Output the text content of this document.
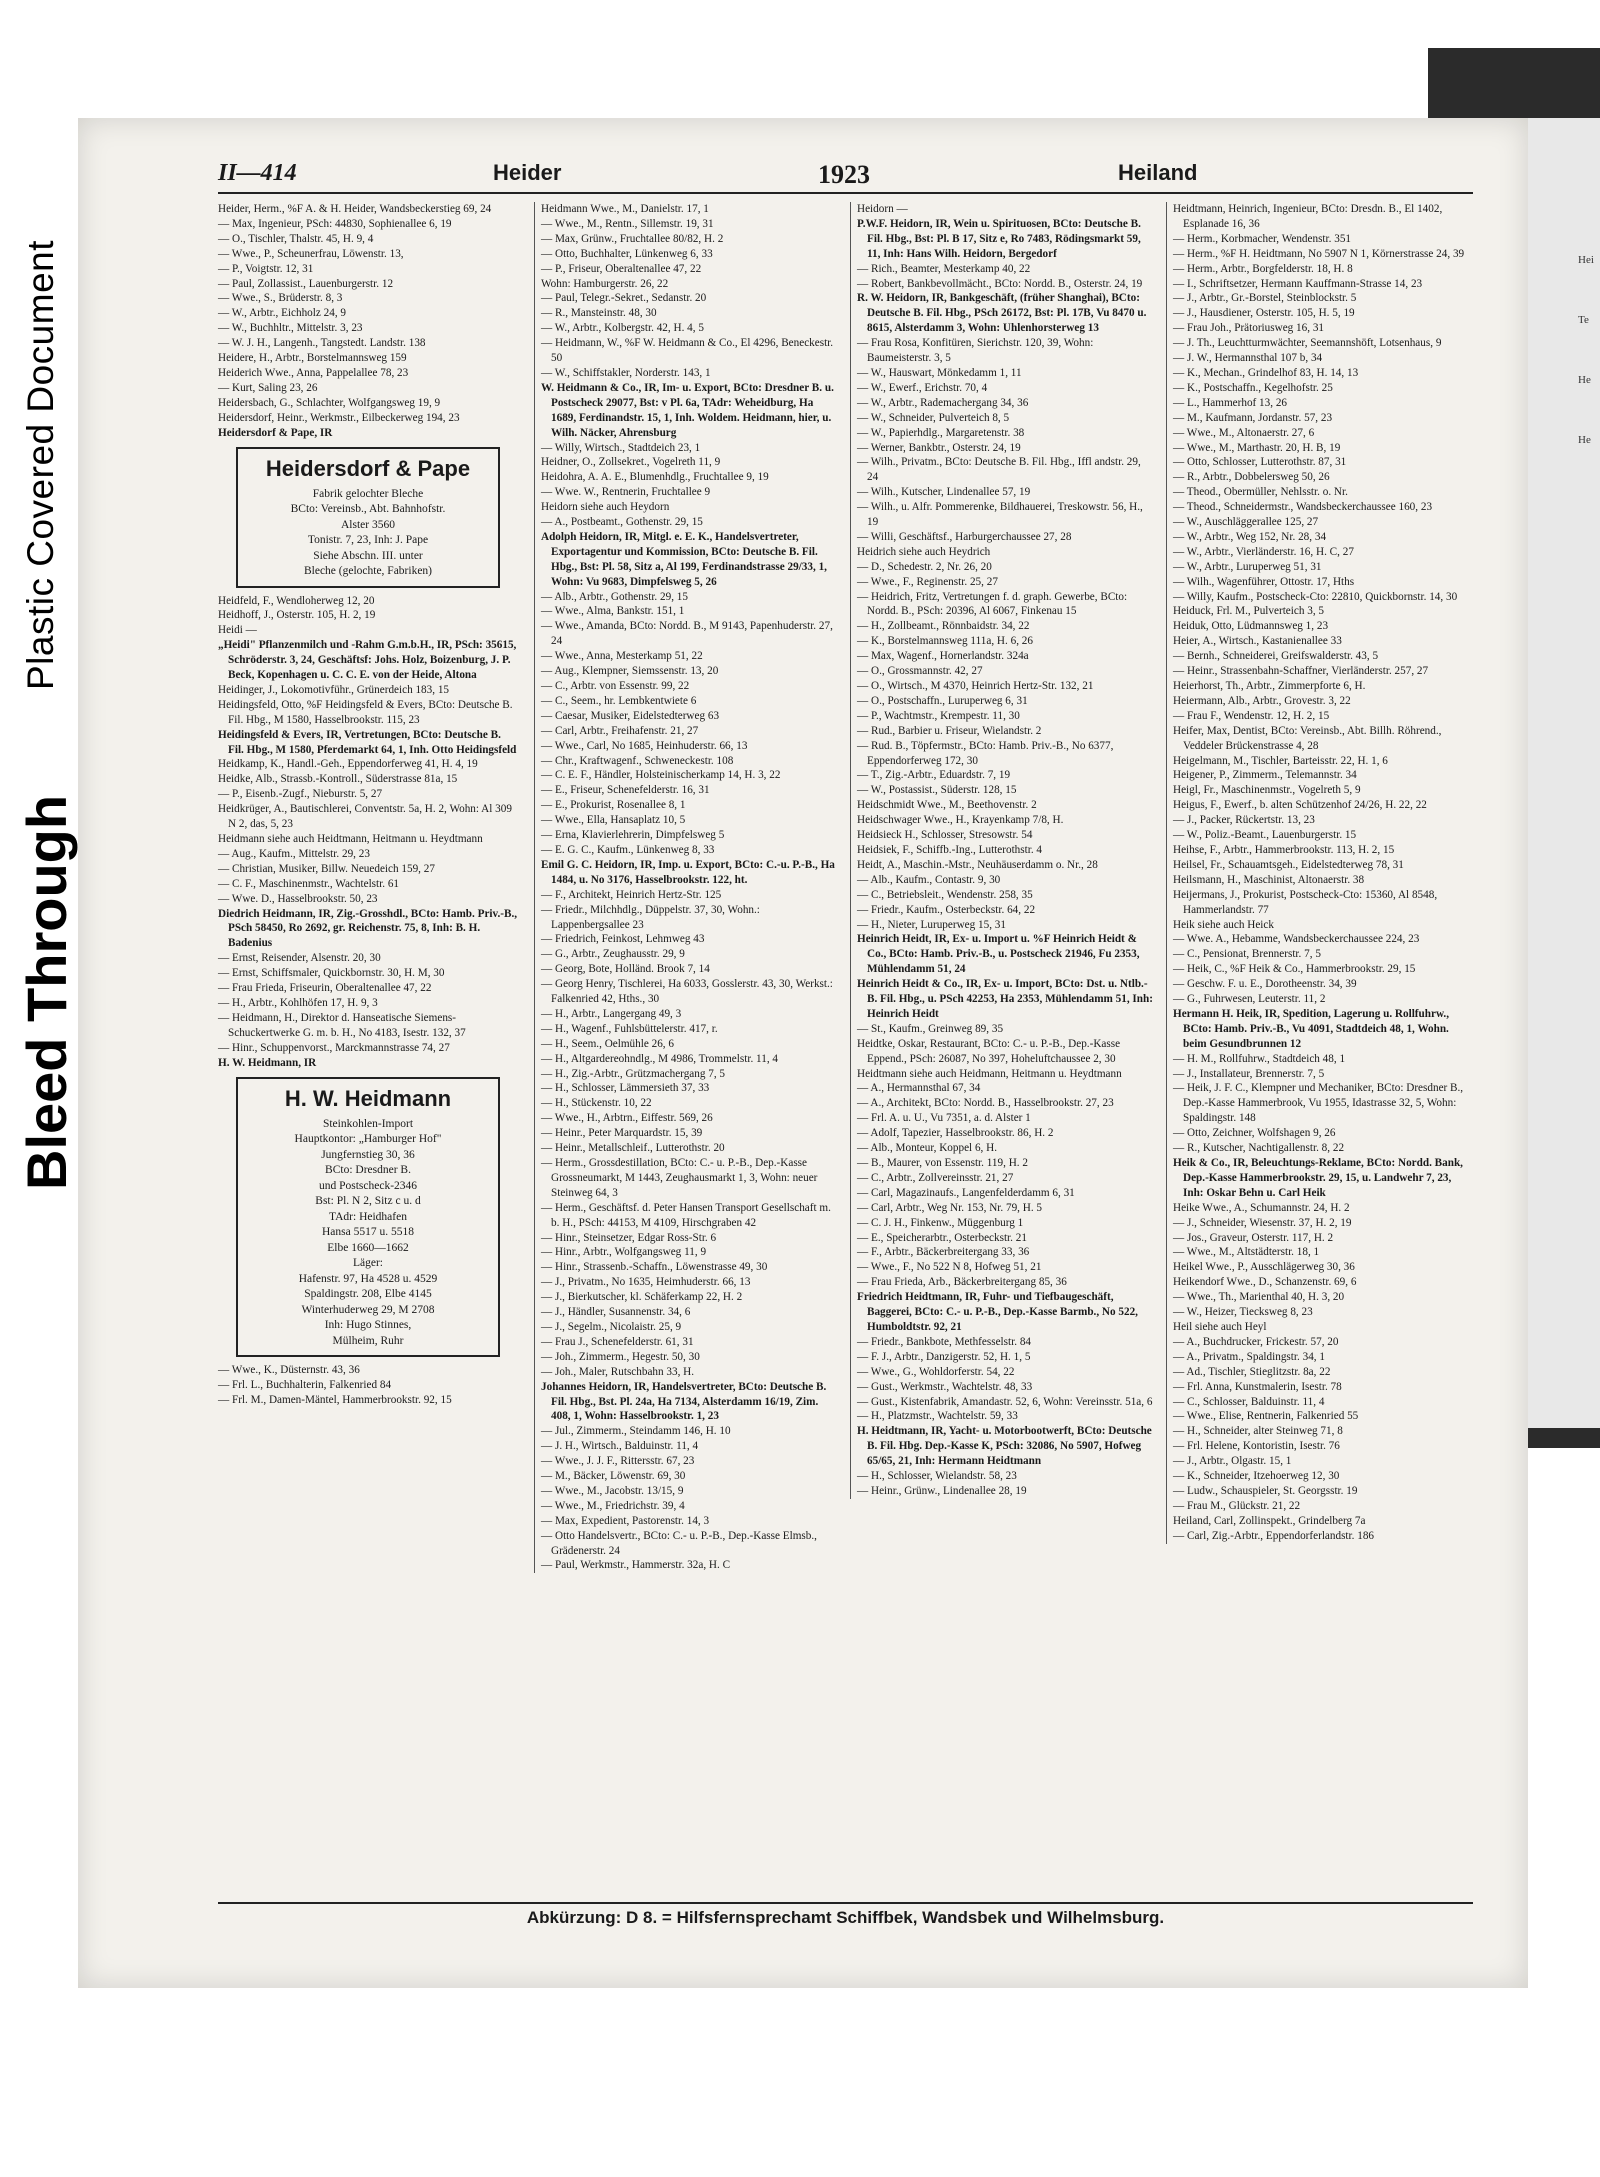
Plastic Covered Document
Bleed Through
Hei
Te
He
He
II—414	Heider	1923	Heiland

Heider, Herm., %F A. & H. Heider, Wandsbeckerstieg 69, 24

— Max, Ingenieur, PSch: 44830, Sophienallee 6, 19

— O., Tischler, Thalstr. 45, H. 9, 4

— Wwe., P., Scheunerfrau, Löwenstr. 13,

— P., Voigtstr. 12, 31

— Paul, Zollassist., Lauenburgerstr. 12

— Wwe., S., Brüderstr. 8, 3

— W., Arbtr., Eichholz 24, 9

— W., Buchhltr., Mittelstr. 3, 23

— W. J. H., Langenh., Tangstedt. Landstr. 138

Heidere, H., Arbtr., Borstelmannsweg 159

Heiderich Wwe., Anna, Pappelallee 78, 23

— Kurt, Saling 23, 26

Heidersbach, G., Schlachter, Wolfgangsweg 19, 9

Heidersdorf, Heinr., Werkmstr., Eilbeckerweg 194, 23

Heidersdorf & Pape, IR

Heidersdorf & Pape
Fabrik gelochter Bleche
BCto: Vereinsb., Abt. Bahnhofstr.
Alster 3560
Tonistr. 7, 23, Inh: J. Pape
Siehe Abschn. III. unter
Bleche (gelochte, Fabriken)

Heidfeld, F., Wendloherweg 12, 20

Heidhoff, J., Osterstr. 105, H. 2, 19

Heidi —

„Heidi" Pflanzenmilch und -Rahm G.m.b.H., IR, PSch: 35615, Schröderstr. 3, 24, Geschäftsf: Johs. Holz, Boizenburg, J. P. Beck, Kopenhagen u. C. C. E. von der Heide, Altona

Heidinger, J., Lokomotivführ., Grünerdeich 183, 15

Heidingsfeld, Otto, %F Heidingsfeld & Evers, BCto: Deutsche B. Fil. Hbg., M 1580, Hasselbrookstr. 115, 23

Heidingsfeld & Evers, IR, Vertretungen, BCto: Deutsche B. Fil. Hbg., M 1580, Pferdemarkt 64, 1, Inh. Otto Heidingsfeld

Heidkamp, K., Handl.-Geh., Eppendorferweg 41, H. 4, 19

Heidke, Alb., Strassb.-Kontroll., Süderstrasse 81a, 15

— P., Eisenb.-Zugf., Nieburstr. 5, 27

Heidkrüger, A., Bautischlerei, Conventstr. 5a, H. 2, Wohn: Al 309 N 2, das, 5, 23

Heidmann siehe auch Heidtmann, Heitmann u. Heydtmann

— Aug., Kaufm., Mittelstr. 29, 23

— Christian, Musiker, Billw. Neuedeich 159, 27

— C. F., Maschinenmstr., Wachtelstr. 61

— Wwe. D., Hasselbrookstr. 50, 23

Diedrich Heidmann, IR, Zig.-Grosshdl., BCto: Hamb. Priv.-B., PSch 58450, Ro 2692, gr. Reichenstr. 75, 8, Inh: B. H. Badenius

— Ernst, Reisender, Alsenstr. 20, 30

— Ernst, Schiffsmaler, Quickbornstr. 30, H. M, 30

— Frau Frieda, Friseurin, Oberaltenallee 47, 22

— H., Arbtr., Kohlhöfen 17, H. 9, 3

— Heidmann, H., Direktor d. Hanseatische Siemens-Schuckertwerke G. m. b. H., No 4183, Isestr. 132, 37

— Hinr., Schuppenvorst., Marckmannstrasse 74, 27

H. W. Heidmann, IR

H. W. Heidmann
Steinkohlen-Import
Hauptkontor: „Hamburger Hof"
Jungfernstieg 30, 36
BCto: Dresdner B.
und Postscheck-2346
Bst: Pl. N 2, Sitz c u. d
TAdr: Heidhafen
Hansa 5517 u. 5518
Elbe 1660—1662
Läger:
Hafenstr. 97, Ha 4528 u. 4529
Spaldingstr. 208, Elbe 4145
Winterhuderweg 29, M 2708
Inh: Hugo Stinnes,
Mülheim, Ruhr

— Wwe., K., Düsternstr. 43, 36

— Frl. L., Buchhalterin, Falkenried 84

— Frl. M., Damen-Mäntel, Hammerbrookstr. 92, 15

Heidmann Wwe., M., Danielstr. 17, 1

— Wwe., M., Rentn., Sillemstr. 19, 31

— Max, Grünw., Fruchtallee 80/82, H. 2

— Otto, Buchhalter, Lünkenweg 6, 33

— P., Friseur, Oberaltenallee 47, 22

Wohn: Hamburgerstr. 26, 22

— Paul, Telegr.-Sekret., Sedanstr. 20

— R., Mansteinstr. 48, 30

— W., Arbtr., Kolbergstr. 42, H. 4, 5

— Heidmann, W., %F W. Heidmann & Co., El 4296, Beneckestr. 50

— W., Schiffstakler, Norderstr. 143, 1

W. Heidmann & Co., IR, Im- u. Export, BCto: Dresdner B. u. Postscheck 29077, Bst: v Pl. 6a, TAdr: Weheidburg, Ha 1689, Ferdinandstr. 15, 1, Inh. Woldem. Heidmann, hier, u. Wilh. Näcker, Ahrensburg

— Willy, Wirtsch., Stadtdeich 23, 1

Heidner, O., Zollsekret., Vogelreth 11, 9

Heidohra, A. A. E., Blumenhdlg., Fruchtallee 9, 19

— Wwe. W., Rentnerin, Fruchtallee 9

Heidorn siehe auch Heydorn

— A., Postbeamt., Gothenstr. 29, 15

Adolph Heidorn, IR, Mitgl. e. E. K., Handelsvertreter, Exportagentur und Kommission, BCto: Deutsche B. Fil. Hbg., Bst: Pl. 58, Sitz a, Al 199, Ferdinandstrasse 29/33, 1, Wohn: Vu 9683, Dimpfelsweg 5, 26

— Alb., Arbtr., Gothenstr. 29, 15

— Wwe., Alma, Bankstr. 151, 1

— Wwe., Amanda, BCto: Nordd. B., M 9143, Papenhuderstr. 27, 24

— Wwe., Anna, Mesterkamp 51, 22

— Aug., Klempner, Siemssenstr. 13, 20

— C., Arbtr. von Essenstr. 99, 22

— C., Seem., hr. Lembkentwiete 6

— Caesar, Musiker, Eidelstedterweg 63

— Carl, Arbtr., Freihafenstr. 21, 27

— Wwe., Carl, No 1685, Heinhuderstr. 66, 13

— Chr., Kraftwagenf., Schweneckestr. 108

— C. E. F., Händler, Holsteinischerkamp 14, H. 3, 22

— E., Friseur, Schenefelderstr. 16, 31

— E., Prokurist, Rosenallee 8, 1

— Wwe., Ella, Hansaplatz 10, 5

— Erna, Klavierlehrerin, Dimpfelsweg 5

— E. G. C., Kaufm., Lünkenweg 8, 33

Emil G. C. Heidorn, IR, Imp. u. Export, BCto: C.-u. P.-B., Ha 1484, u. No 3176, Hasselbrookstr. 122, ht.

— F., Architekt, Heinrich Hertz-Str. 125

— Friedr., Milchhdlg., Düppelstr. 37, 30, Wohn.: Lappenbergsallee 23

— Friedrich, Feinkost, Lehmweg 43

— G., Arbtr., Zeughausstr. 29, 9

— Georg, Bote, Holländ. Brook 7, 14

— Georg Henry, Tischlerei, Ha 6033, Gosslerstr. 43, 30, Werkst.: Falkenried 42, Hths., 30

— H., Arbtr., Langergang 49, 3

— H., Wagenf., Fuhlsbüttelerstr. 417, r.

— H., Seem., Oelmühle 26, 6

— H., Altgardereohndlg., M 4986, Trommelstr. 11, 4

— H., Zig.-Arbtr., Grützmachergang 7, 5

— H., Schlosser, Lämmersieth 37, 33

— H., Stückenstr. 10, 22

— Wwe., H., Arbtrn., Eiffestr. 569, 26

— Heinr., Peter Marquardstr. 15, 39

— Heinr., Metallschleif., Lutterothstr. 20

— Herm., Grossdestillation, BCto: C.- u. P.-B., Dep.-Kasse Grossneumarkt, M 1443, Zeughausmarkt 1, 3, Wohn: neuer Steinweg 64, 3

— Herm., Geschäftsf. d. Peter Hansen Transport Gesellschaft m. b. H., PSch: 44153, M 4109, Hirschgraben 42

— Hinr., Steinsetzer, Edgar Ross-Str. 6

— Hinr., Arbtr., Wolfgangsweg 11, 9

— Hinr., Strassenb.-Schaffn., Löwenstrasse 49, 30

— J., Privatm., No 1635, Heimhuderstr. 66, 13

— J., Bierkutscher, kl. Schäferkamp 22, H. 2

— J., Händler, Susannenstr. 34, 6

— J., Segelm., Nicolaistr. 25, 9

— Frau J., Schenefelderstr. 61, 31

— Joh., Zimmerm., Hegestr. 50, 30

— Joh., Maler, Rutschbahn 33, H.

Johannes Heidorn, IR, Handelsvertreter, BCto: Deutsche B. Fil. Hbg., Bst. Pl. 24a, Ha 7134, Alsterdamm 16/19, Zim. 408, 1, Wohn: Hasselbrookstr. 1, 23

— Jul., Zimmerm., Steindamm 146, H. 10

— J. H., Wirtsch., Balduinstr. 11, 4

— Wwe., J. J. F., Rittersstr. 67, 23

— M., Bäcker, Löwenstr. 69, 30

— Wwe., M., Jacobstr. 13/15, 9

— Wwe., M., Friedrichstr. 39, 4

— Max, Expedient, Pastorenstr. 14, 3

— Otto Handelsvertr., BCto: C.- u. P.-B., Dep.-Kasse Elmsb., Grädenerstr. 24

— Paul, Werkmstr., Hammerstr. 32a, H. C

Heidorn —

P.W.F. Heidorn, IR, Wein u. Spirituosen, BCto: Deutsche B. Fil. Hbg., Bst: Pl. B 17, Sitz e, Ro 7483, Rödingsmarkt 59, 11, Inh: Hans Wilh. Heidorn, Bergedorf

— Rich., Beamter, Mesterkamp 40, 22

— Robert, Bankbevollmächt., BCto: Nordd. B., Osterstr. 24, 19

R. W. Heidorn, IR, Bankgeschäft, (früher Shanghai), BCto: Deutsche B. Fil. Hbg., PSch 26172, Bst: Pl. 17B, Vu 8470 u. 8615, Alsterdamm 3, Wohn: Uhlenhorsterweg 13

— Frau Rosa, Konfitüren, Sierichstr. 120, 39, Wohn: Baumeisterstr. 3, 5

— W., Hauswart, Mönkedamm 1, 11

— W., Ewerf., Erichstr. 70, 4

— W., Arbtr., Rademachergang 34, 36

— W., Schneider, Pulverteich 8, 5

— W., Papierhdlg., Margaretenstr. 38

— Werner, Bankbtr., Osterstr. 24, 19

— Wilh., Privatm., BCto: Deutsche B. Fil. Hbg., Iffl andstr. 29, 24

— Wilh., Kutscher, Lindenallee 57, 19

— Wilh., u. Alfr. Pommerenke, Bildhauerei, Treskowstr. 56, H., 19

— Willi, Geschäftsf., Harburgerchaussee 27, 28

Heidrich siehe auch Heydrich

— D., Schedestr. 2, Nr. 26, 20

— Wwe., F., Reginenstr. 25, 27

— Heidrich, Fritz, Vertretungen f. d. graph. Gewerbe, BCto: Nordd. B., PSch: 20396, Al 6067, Finkenau 15

— H., Zollbeamt., Rönnbaidstr. 34, 22

— K., Borstelmannsweg 111a, H. 6, 26

— Max, Wagenf., Hornerlandstr. 324a

— O., Grossmannstr. 42, 27

— O., Wirtsch., M 4370, Heinrich Hertz-Str. 132, 21

— O., Postschaffn., Luruperweg 6, 31

— P., Wachtmstr., Krempestr. 11, 30

— Rud., Barbier u. Friseur, Wielandstr. 2

— Rud. B., Töpfermstr., BCto: Hamb. Priv.-B., No 6377, Eppendorferweg 172, 30

— T., Zig.-Arbtr., Eduardstr. 7, 19

— W., Postassist., Süderstr. 128, 15

Heidschmidt Wwe., M., Beethovenstr. 2

Heidschwager Wwe., H., Krayenkamp 7/8, H.

Heidsieck H., Schlosser, Stresowstr. 54

Heidsiek, F., Schiffb.-Ing., Lutterothstr. 4

Heidt, A., Maschin.-Mstr., Neuhäuserdamm o. Nr., 28

— Alb., Kaufm., Contastr. 9, 30

— C., Betriebsleit., Wendenstr. 258, 35

— Friedr., Kaufm., Osterbeckstr. 64, 22

— H., Nieter, Luruperweg 15, 31

Heinrich Heidt, IR, Ex- u. Import u. %F Heinrich Heidt & Co., BCto: Hamb. Priv.-B., u. Postscheck 21946, Fu 2353, Mühlendamm 51, 24

Heinrich Heidt & Co., IR, Ex- u. Import, BCto: Dst. u. Ntlb.-B. Fil. Hbg., u. PSch 42253, Ha 2353, Mühlendamm 51, Inh: Heinrich Heidt

— St., Kaufm., Greinweg 89, 35

Heidtke, Oskar, Restaurant, BCto: C.- u. P.-B., Dep.-Kasse Eppend., PSch: 26087, No 397, Hoheluftchaussee 2, 30

Heidtmann siehe auch Heidmann, Heitmann u. Heydtmann

— A., Hermannsthal 67, 34

— A., Architekt, BCto: Nordd. B., Hasselbrookstr. 27, 23

— Frl. A. u. U., Vu 7351, a. d. Alster 1

— Adolf, Tapezier, Hasselbrookstr. 86, H. 2

— Alb., Monteur, Koppel 6, H.

— B., Maurer, von Essenstr. 119, H. 2

— C., Arbtr., Zollvereinsstr. 21, 27

— Carl, Magazinaufs., Langenfelderdamm 6, 31

— Carl, Arbtr., Weg Nr. 153, Nr. 79, H. 5

— C. J. H., Finkenw., Müggenburg 1

— E., Speicherarbtr., Osterbeckstr. 21

— F., Arbtr., Bäckerbreitergang 33, 36

— Wwe., F., No 522 N 8, Hofweg 51, 21

— Frau Frieda, Arb., Bäckerbreitergang 85, 36

Friedrich Heidtmann, IR, Fuhr- und Tiefbaugeschäft, Baggerei, BCto: C.- u. P.-B., Dep.-Kasse Barmb., No 522, Humboldtstr. 92, 21

— Friedr., Bankbote, Methfesselstr. 84

— F. J., Arbtr., Danzigerstr. 52, H. 1, 5

— Wwe., G., Wohldorferstr. 54, 22

— Gust., Werkmstr., Wachtelstr. 48, 33

— Gust., Kistenfabrik, Amandastr. 52, 6, Wohn: Vereinsstr. 51a, 6

— H., Platzmstr., Wachtelstr. 59, 33

H. Heidtmann, IR, Yacht- u. Motorbootwerft, BCto: Deutsche B. Fil. Hbg. Dep.-Kasse K, PSch: 32086, No 5907, Hofweg 65/65, 21, Inh: Hermann Heidtmann

— H., Schlosser, Wielandstr. 58, 23

— Heinr., Grünw., Lindenallee 28, 19

Heidtmann, Heinrich, Ingenieur, BCto: Dresdn. B., El 1402, Esplanade 16, 36

— Herm., Korbmacher, Wendenstr. 351

— Herm., %F H. Heidtmann, No 5907 N 1, Körnerstrasse 24, 39

— Herm., Arbtr., Borgfelderstr. 18, H. 8

— I., Schriftsetzer, Hermann Kauffmann-Strasse 14, 23

— J., Arbtr., Gr.-Borstel, Steinblockstr. 5

— J., Hausdiener, Osterstr. 105, H. 5, 19

— Frau Joh., Prätoriusweg 16, 31

— J. Th., Leuchtturmwächter, Seemannshöft, Lotsenhaus, 9

— J. W., Hermannsthal 107 b, 34

— K., Mechan., Grindelhof 83, H. 14, 13

— K., Postschaffn., Kegelhofstr. 25

— L., Hammerhof 13, 26

— M., Kaufmann, Jordanstr. 57, 23

— Wwe., M., Altonaerstr. 27, 6

— Wwe., M., Marthastr. 20, H. B, 19

— Otto, Schlosser, Lutterothstr. 87, 31

— R., Arbtr., Dobbelersweg 50, 26

— Theod., Obermüller, Nehlsstr. o. Nr.

— Theod., Schneidermstr., Wandsbeckerchaussee 160, 23

— W., Auschläggerallee 125, 27

— W., Arbtr., Weg 152, Nr. 28, 34

— W., Arbtr., Vierländerstr. 16, H. C, 27

— W., Arbtr., Luruperweg 51, 31

— Wilh., Wagenführer, Ottostr. 17, Hths

— Willy, Kaufm., Postscheck-Cto: 22810, Quickbornstr. 14, 30

Heiduck, Frl. M., Pulverteich 3, 5

Heiduk, Otto, Lüdmannsweg 1, 23

Heier, A., Wirtsch., Kastanienallee 33

— Bernh., Schneiderei, Greifswalderstr. 43, 5

— Heinr., Strassenbahn-Schaffner, Vierländerstr. 257, 27

Heierhorst, Th., Arbtr., Zimmerpforte 6, H.

Heiermann, Alb., Arbtr., Grovestr. 3, 22

— Frau F., Wendenstr. 12, H. 2, 15

Heifer, Max, Dentist, BCto: Vereinsb., Abt. Billh. Röhrend., Veddeler Brückenstrasse 4, 28

Heigelmann, M., Tischler, Barteisstr. 22, H. 1, 6

Heigener, P., Zimmerm., Telemannstr. 34

Heigl, Fr., Maschinenmstr., Vogelreth 5, 9

Heigus, F., Ewerf., b. alten Schützenhof 24/26, H. 22, 22

— J., Packer, Rückertstr. 13, 23

— W., Poliz.-Beamt., Lauenburgerstr. 15

Heihse, F., Arbtr., Hammerbrookstr. 113, H. 2, 15

Heilsel, Fr., Schauamtsgeh., Eidelstedterweg 78, 31

Heilsmann, H., Maschinist, Altonaerstr. 38

Heijermans, J., Prokurist, Postscheck-Cto: 15360, Al 8548, Hammerlandstr. 77

Heik siehe auch Heick

— Wwe. A., Hebamme, Wandsbeckerchaussee 224, 23

— C., Pensionat, Brennerstr. 7, 5

— Heik, C., %F Heik & Co., Hammerbrookstr. 29, 15

— Geschw. F. u. E., Dorotheenstr. 34, 39

— G., Fuhrwesen, Leuterstr. 11, 2

Hermann H. Heik, IR, Spedition, Lagerung u. Rollfuhrw., BCto: Hamb. Priv.-B., Vu 4091, Stadtdeich 48, 1, Wohn. beim Gesundbrunnen 12

— H. M., Rollfuhrw., Stadtdeich 48, 1

— J., Installateur, Brennerstr. 7, 5

— Heik, J. F. C., Klempner und Mechaniker, BCto: Dresdner B., Dep.-Kasse Hammerbrook, Vu 1955, Idastrasse 32, 5, Wohn: Spaldingstr. 148

— Otto, Zeichner, Wolfshagen 9, 26

— R., Kutscher, Nachtigallenstr. 8, 22

Heik & Co., IR, Beleuchtungs-Reklame, BCto: Nordd. Bank, Dep.-Kasse Hammerbrookstr. 29, 15, u. Landwehr 7, 23, Inh: Oskar Behn u. Carl Heik

Heike Wwe., A., Schumannstr. 24, H. 2

— J., Schneider, Wiesenstr. 37, H. 2, 19

— Jos., Graveur, Osterstr. 117, H. 2

— Wwe., M., Altstädterstr. 18, 1

Heikel Wwe., P., Ausschlägerweg 30, 36

Heikendorf Wwe., D., Schanzenstr. 69, 6

— Wwe., Th., Marienthal 40, H. 3, 20

— W., Heizer, Tiecksweg 8, 23

Heil siehe auch Heyl

— A., Buchdrucker, Frickestr. 57, 20

— A., Privatm., Spaldingstr. 34, 1

— Ad., Tischler, Stieglitzstr. 8a, 22

— Frl. Anna, Kunstmalerin, Isestr. 78

— C., Schlosser, Balduinstr. 11, 4

— Wwe., Elise, Rentnerin, Falkenried 55

— H., Schneider, alter Steinweg 71, 8

— Frl. Helene, Kontoristin, Isestr. 76

— J., Arbtr., Olgastr. 15, 1

— K., Schneider, Itzehoerweg 12, 30

— Ludw., Schauspieler, St. Georgsstr. 19

— Frau M., Glückstr. 21, 22

Heiland, Carl, Zollinspekt., Grindelberg 7a

— Carl, Zig.-Arbtr., Eppendorferlandstr. 186

Abkürzung: D 8. = Hilfsfernsprechamt Schiffbek, Wandsbek und Wilhelmsburg.
